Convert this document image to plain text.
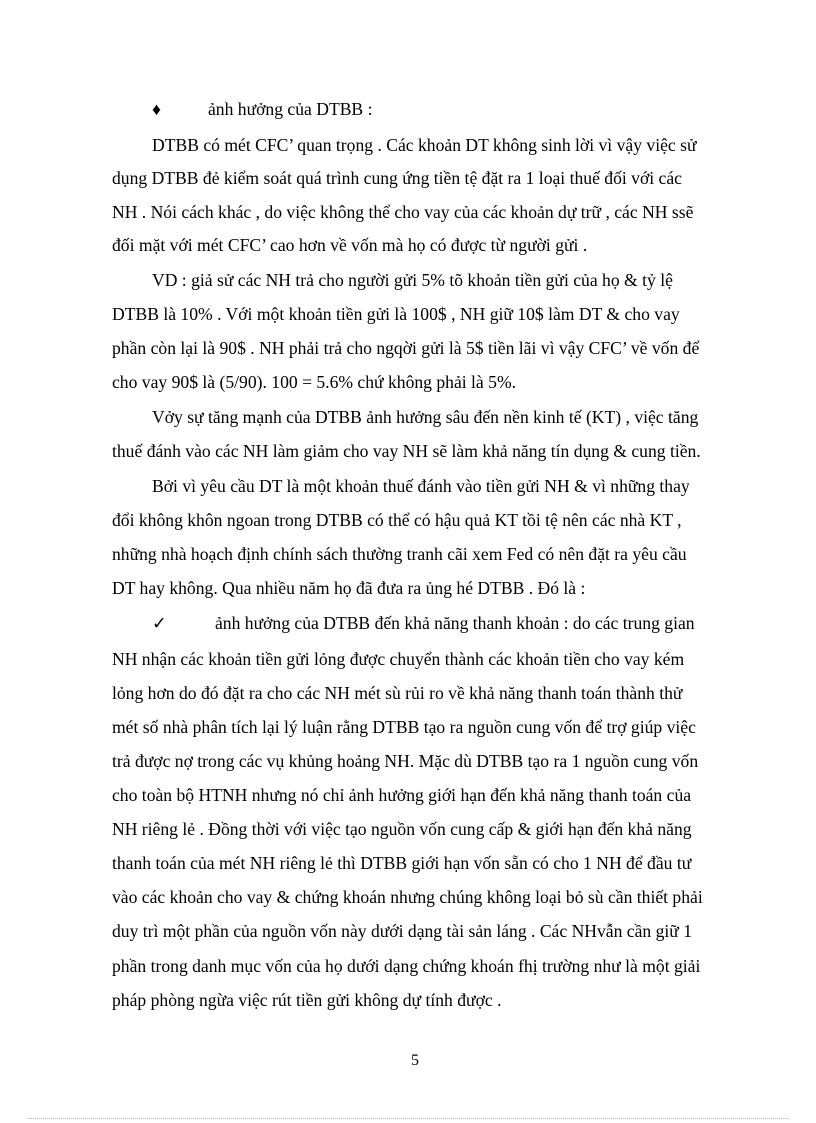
♦	ảnh hưởng của DTBB :
DTBB có mét CFC’ quan trọng . Các khoản DT không sinh lời vì vậy việc sử
dụng DTBB đẻ kiểm soát quá trình cung ứng tiền tệ đặt ra 1 loại thuế đối với các
NH . Nói cách khác , do việc không thể cho vay của các khoản dự trữ , các NH ssẽ
đối mặt với mét CFC’ cao hơn về vốn mà họ có được từ người gửi .
VD : giả sử các NH trả cho người gửi 5% tõ khoản tiền gửi của họ & tỷ lệ
DTBB là 10% . Với một khoản tiền gửi là 100$ , NH giữ 10$ làm DT & cho vay
phần còn lại là 90$ . NH phải trả cho ngqời gửi là 5$ tiền lãi vì vậy CFC’ về vốn để
cho vay 90$ là (5/90). 100 = 5.6% chứ không phải là 5%.
Vởy sự tăng mạnh của DTBB ảnh hưởng sâu đến nền kinh tế (KT) , việc tăng
thuế đánh vào các NH làm giảm cho vay NH sẽ làm khả năng tín dụng & cung tiền.
Bởi vì yêu cầu DT là một khoản thuế đánh vào tiền gửi NH & vì những thay
đổi không khôn ngoan trong DTBB có thể có hậu quả KT tồi tệ nên các nhà KT ,
những nhà hoạch định chính sách thường tranh cãi xem Fed có nên đặt ra yêu cầu
DT hay không. Qua nhiều năm họ đã đưa ra ủng hé DTBB . Đó là :
✓	ảnh hưởng của DTBB đến khả năng thanh khoản : do các trung gian
NH nhận các khoản tiền gửi lỏng được chuyển thành các khoản tiền cho vay kém
lỏng hơn do đó đặt ra cho các NH mét sù rủi ro về khả năng thanh toán thành thử
mét số nhà phân tích lại lý luận rằng DTBB tạo ra nguồn cung vốn để trợ giúp việc
trả được nợ trong các vụ khủng hoảng NH. Mặc dù DTBB tạo ra 1 nguồn cung vốn
cho toàn bộ HTNH nhưng nó chỉ ảnh hưởng giới hạn đến khả năng thanh toán của
NH riêng lẻ . Đồng thời với việc tạo nguồn vốn cung cấp & giới hạn đến khả năng
thanh toán của mét NH riêng lẻ thì DTBB giới hạn vốn sẵn có cho 1 NH để đầu tư
vào các khoản cho vay & chứng khoán nhưng chúng không loại bỏ sù cần thiết phải
duy trì một phần của nguồn vốn này dưới dạng tài sản láng . Các NHvẫn cần giữ 1
phần trong danh mục vốn của họ dưới dạng chứng khoán fhị trường như là một giải
pháp phòng ngừa việc rút tiền gửi không dự tính được .
5
